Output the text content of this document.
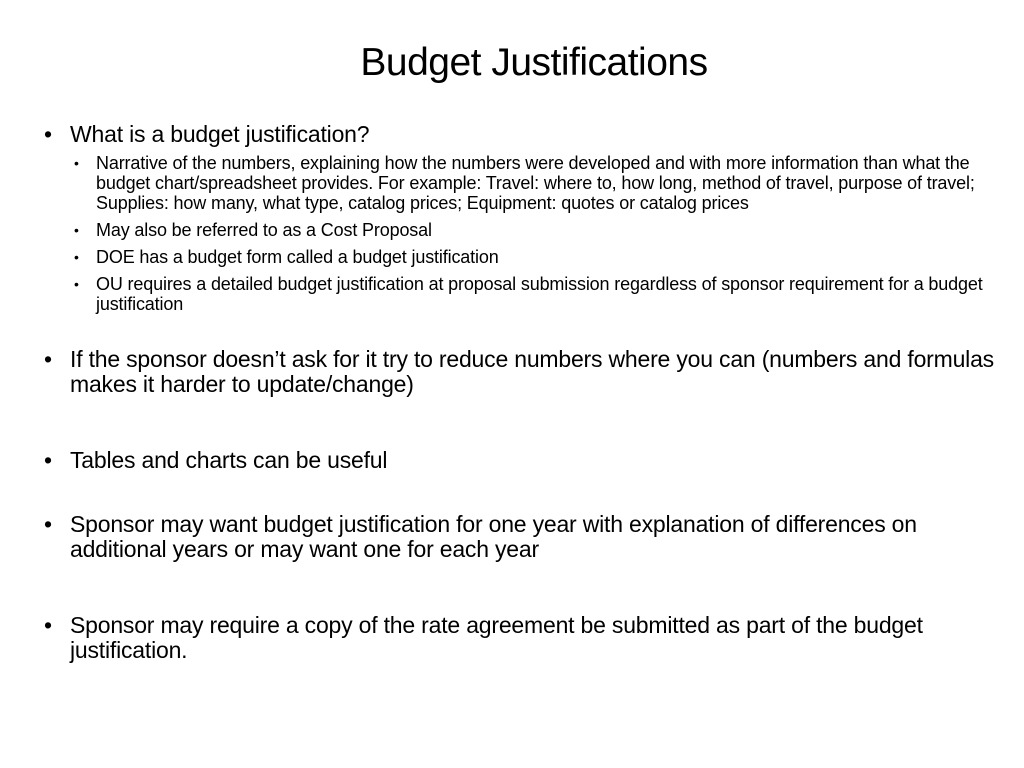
Budget Justifications
• What is a budget justification?
• Narrative of the numbers, explaining how the numbers were developed and with more information than what the budget chart/spreadsheet provides. For example: Travel: where to, how long, method of travel, purpose of travel; Supplies: how many, what type, catalog prices; Equipment: quotes or catalog prices
• May also be referred to as a Cost Proposal
• DOE has a budget form called a budget justification
• OU requires a detailed budget justification at proposal submission regardless of sponsor requirement for a budget justification
• If the sponsor doesn’t ask for it try to reduce numbers where you can (numbers and formulas makes it harder to update/change)
• Tables and charts can be useful
• Sponsor may want budget justification for one year with explanation of differences on additional years or may want one for each year
• Sponsor may require a copy of the rate agreement be submitted as part of the budget justification.
